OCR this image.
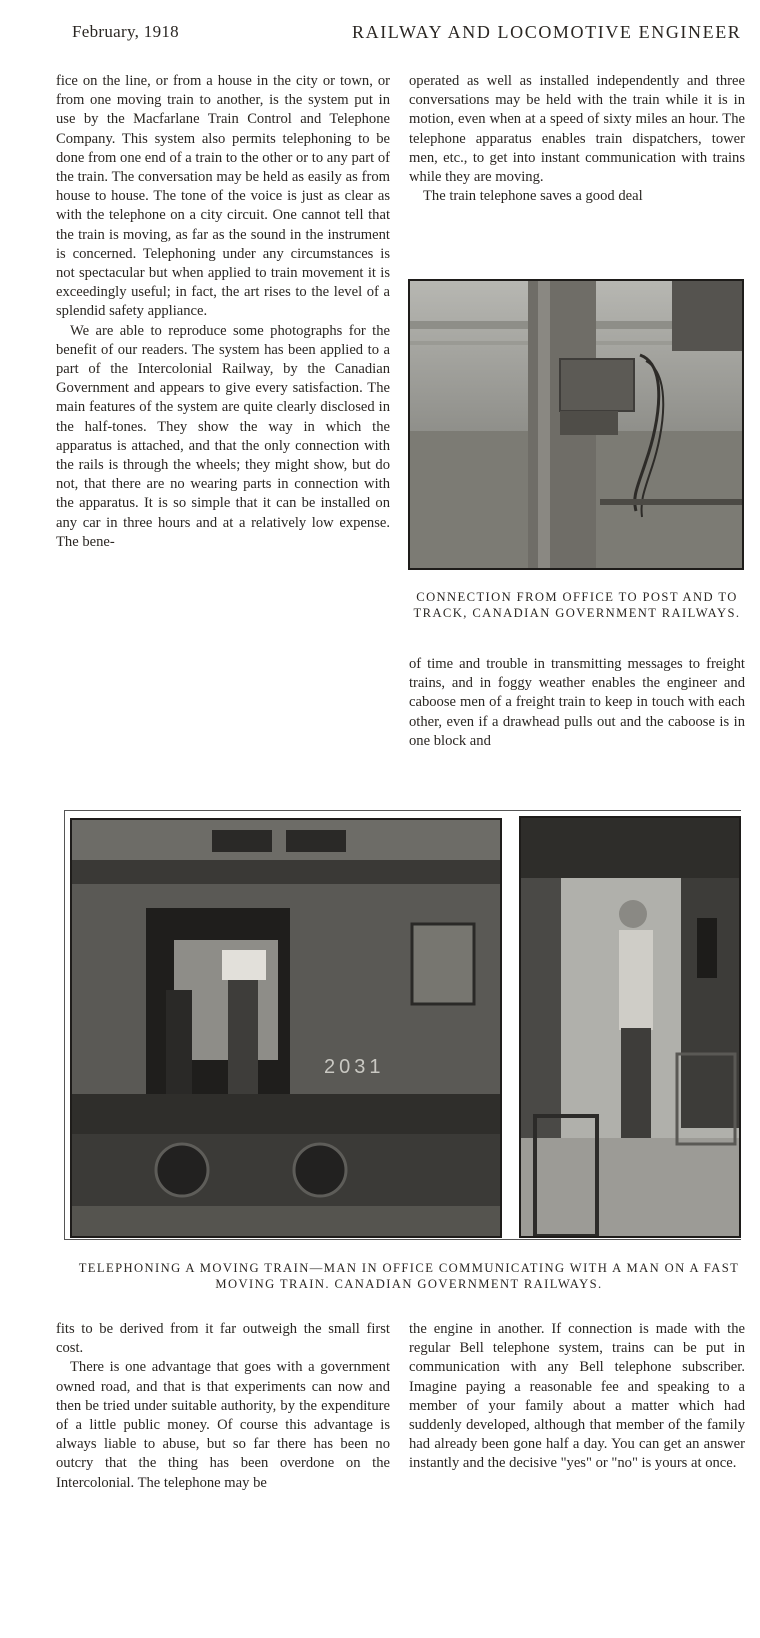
February, 1918	RAILWAY AND LOCOMOTIVE ENGINEER

fice on the line, or from a house in the city or town, or from one moving train to another, is the system put in use by the Macfarlane Train Control and Telephone Company. This system also permits telephoning to be done from one end of a train to the other or to any part of the train. The conversation may be held as easily as from house to house. The tone of the voice is just as clear as with the telephone on a city circuit. One cannot tell that the train is moving, as far as the sound in the instrument is concerned. Telephoning under any circumstances is not spectacular but when applied to train movement it is exceedingly useful; in fact, the art rises to the level of a splendid safety appliance.

We are able to reproduce some photographs for the benefit of our readers. The system has been applied to a part of the Intercolonial Railway, by the Canadian Government and appears to give every satisfaction. The main features of the system are quite clearly disclosed in the half-tones. They show the way in which the apparatus is attached, and that the only connection with the rails is through the wheels; they might show, but do not, that there are no wearing parts in connection with the apparatus. It is so simple that it can be installed on any car in three hours and at a relatively low expense. The bene-

operated as well as installed independently and three conversations may be held with the train while it is in motion, even when at a speed of sixty miles an hour. The telephone apparatus enables train dispatchers, tower men, etc., to get into instant communication with trains while they are moving.

The train telephone saves a good deal

CONNECTION FROM OFFICE TO POST AND TO TRACK, CANADIAN GOVERNMENT RAILWAYS.

of time and trouble in transmitting messages to freight trains, and in foggy weather enables the engineer and caboose men of a freight train to keep in touch with each other, even if a drawhead pulls out and the caboose is in one block and

2031
TELEPHONING A MOVING TRAIN—MAN IN OFFICE COMMUNICATING WITH A MAN ON A FAST MOVING TRAIN. CANADIAN GOVERNMENT RAILWAYS.

fits to be derived from it far outweigh the small first cost.

There is one advantage that goes with a government owned road, and that is that experiments can now and then be tried under suitable authority, by the expenditure of a little public money. Of course this advantage is always liable to abuse, but so far there has been no outcry that the thing has been overdone on the Intercolonial. The telephone may be

the engine in another. If connection is made with the regular Bell telephone system, trains can be put in communication with any Bell telephone subscriber. Imagine paying a reasonable fee and speaking to a member of your family about a matter which had suddenly developed, although that member of the family had already been gone half a day. You can get an answer instantly and the decisive "yes" or "no" is yours at once.
